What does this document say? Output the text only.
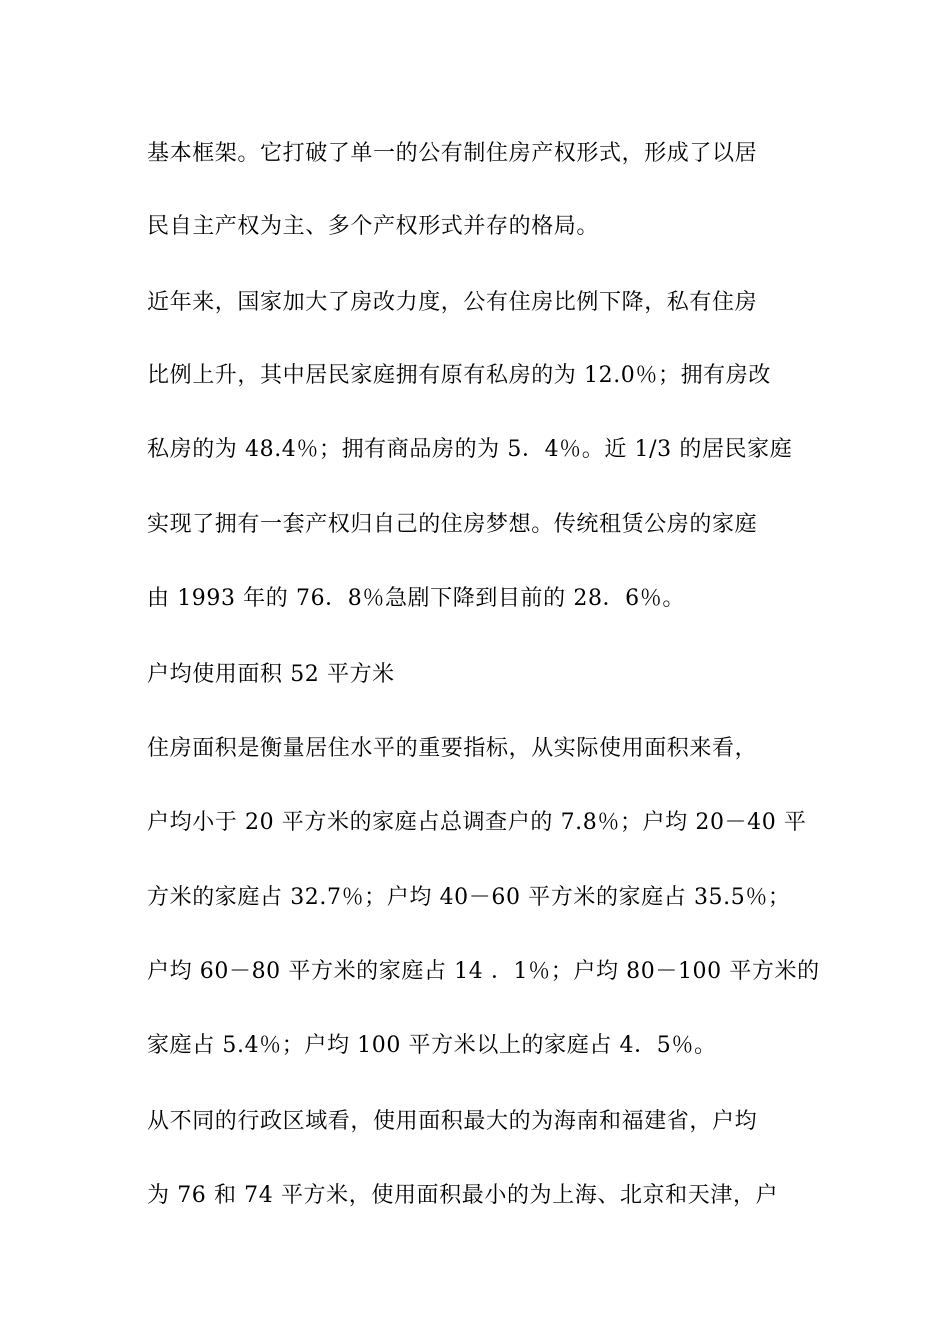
基本框架。它打破了单一的公有制住房产权形式，形成了以居
民自主产权为主、多个产权形式并存的格局。
近年来，国家加大了房改力度，公有住房比例下降，私有住房
比例上升，其中居民家庭拥有原有私房的为 12.0％；拥有房改
私房的为 48.4％；拥有商品房的为 5．4％。近 1/3 的居民家庭
实现了拥有一套产权归自己的住房梦想。传统租赁公房的家庭
由 1993 年的 76．8％急剧下降到目前的 28．6％。
户均使用面积 52 平方米
住房面积是衡量居住水平的重要指标，从实际使用面积来看，
户均小于 20 平方米的家庭占总调查户的 7.8％；户均 20－40 平
方米的家庭占 32.7％；户均 40－60 平方米的家庭占 35.5％；
户均 60－80 平方米的家庭占 14 ．1％；户均 80－100 平方米的
家庭占 5.4％；户均 100 平方米以上的家庭占 4．5％。
从不同的行政区域看，使用面积最大的为海南和福建省，户均
为 76 和 74 平方米，使用面积最小的为上海、北京和天津，户
